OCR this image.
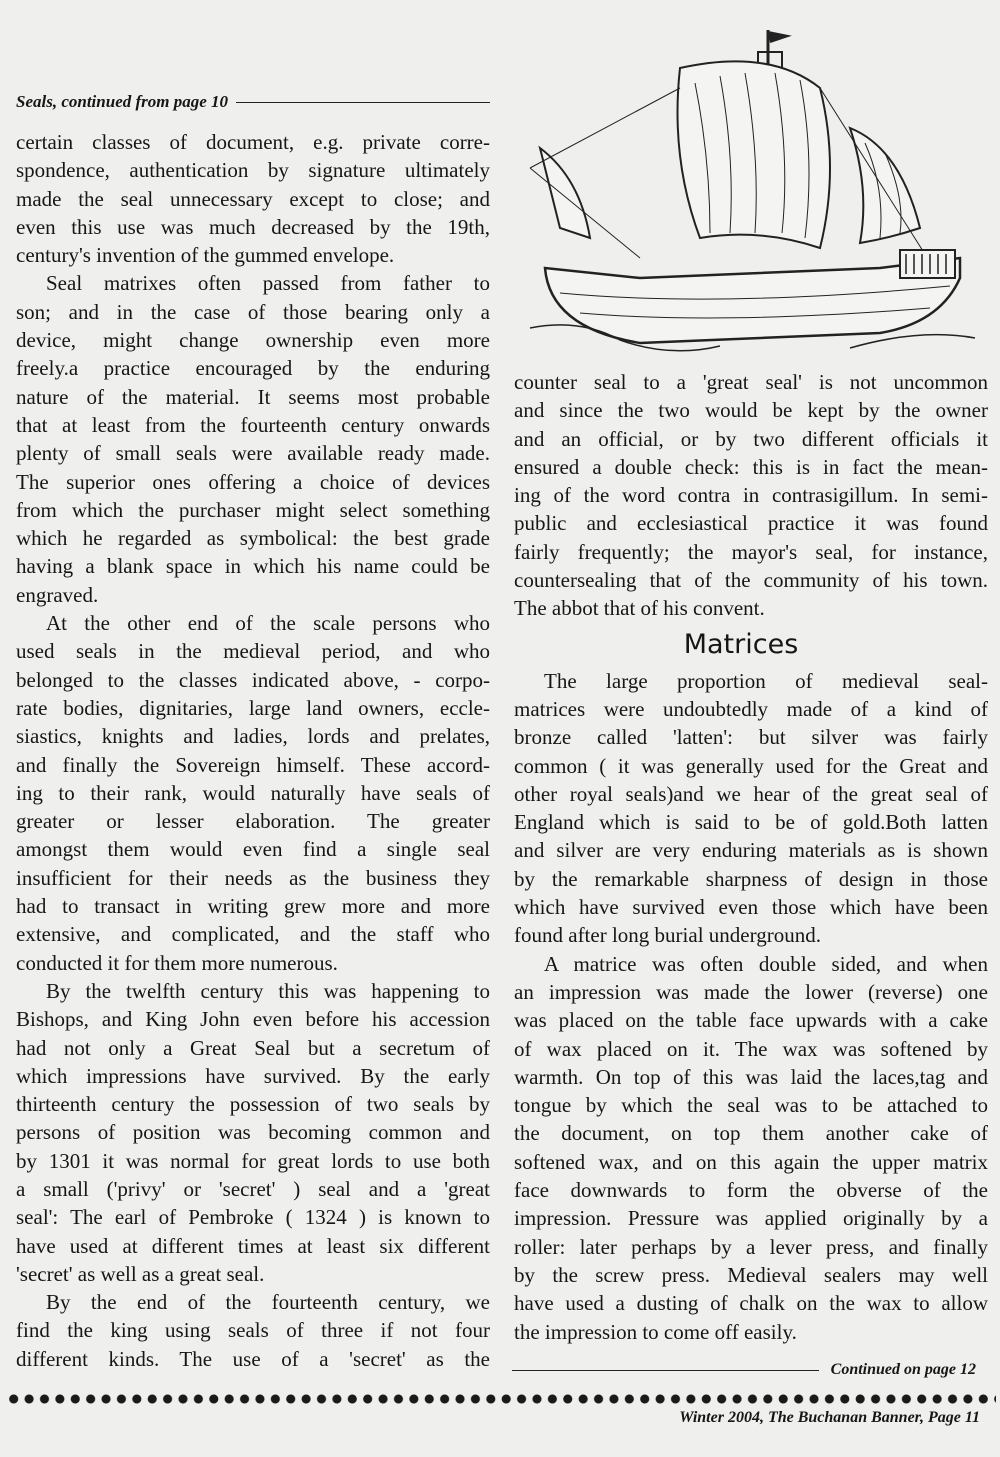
Seals, continued from page 10
certain classes of document, e.g. private corre-
spondence, authentication by signature ultimately
made the seal unnecessary except to close; and
even this use was much decreased by the 19th,
century's invention of the gummed envelope.
Seal matrixes often passed from father to
son; and in the case of those bearing only a
device, might change ownership even more
freely.a practice encouraged by the enduring
nature of the material. It seems most probable
that at least from the fourteenth century onwards
plenty of small seals were available ready made.
The superior ones offering a choice of devices
from which the purchaser might select something
which he regarded as symbolical: the best grade
having a blank space in which his name could be
engraved.
At the other end of the scale persons who
used seals in the medieval period, and who
belonged to the classes indicated above, - corpo-
rate bodies, dignitaries, large land owners, eccle-
siastics, knights and ladies, lords and prelates,
and finally the Sovereign himself. These accord-
ing to their rank, would naturally have seals of
greater or lesser elaboration. The greater
amongst them would even find a single seal
insufficient for their needs as the business they
had to transact in writing grew more and more
extensive, and complicated, and the staff who
conducted it for them more numerous.
By the twelfth century this was happening to
Bishops, and King John even before his accession
had not only a Great Seal but a secretum of
which impressions have survived. By the early
thirteenth century the possession of two seals by
persons of position was becoming common and
by 1301 it was normal for great lords to use both
a small ('privy' or 'secret' ) seal and a 'great
seal': The earl of Pembroke ( 1324 ) is known to
have used at different times at least six different
'secret' as well as a great seal.
By the end of the fourteenth century, we
find the king using seals of three if not four
different kinds. The use of a 'secret' as the
counter seal to a 'great seal' is not uncommon
and since the two would be kept by the owner
and an official, or by two different officials it
ensured a double check: this is in fact the mean-
ing of the word contra in contrasigillum. In semi-
public and ecclesiastical practice it was found
fairly frequently; the mayor's seal, for instance,
countersealing that of the community of his town.
The abbot that of his convent.
Matrices
The large proportion of medieval seal-
matrices were undoubtedly made of a kind of
bronze called 'latten': but silver was fairly
common ( it was generally used for the Great and
other royal seals)and we hear of the great seal of
England which is said to be of gold.Both latten
and silver are very enduring materials as is shown
by the remarkable sharpness of design in those
which have survived even those which have been
found after long burial underground.
A matrice was often double sided, and when
an impression was made the lower (reverse) one
was placed on the table face upwards with a cake
of wax placed on it. The wax was softened by
warmth. On top of this was laid the laces,tag and
tongue by which the seal was to be attached to
the document, on top them another cake of
softened wax, and on this again the upper matrix
face downwards to form the obverse of the
impression. Pressure was applied originally by a
roller: later perhaps by a lever press, and finally
by the screw press. Medieval sealers may well
have used a dusting of chalk on the wax to allow
the impression to come off easily.
Continued on page 12
Winter 2004, The Buchanan Banner, Page 11
